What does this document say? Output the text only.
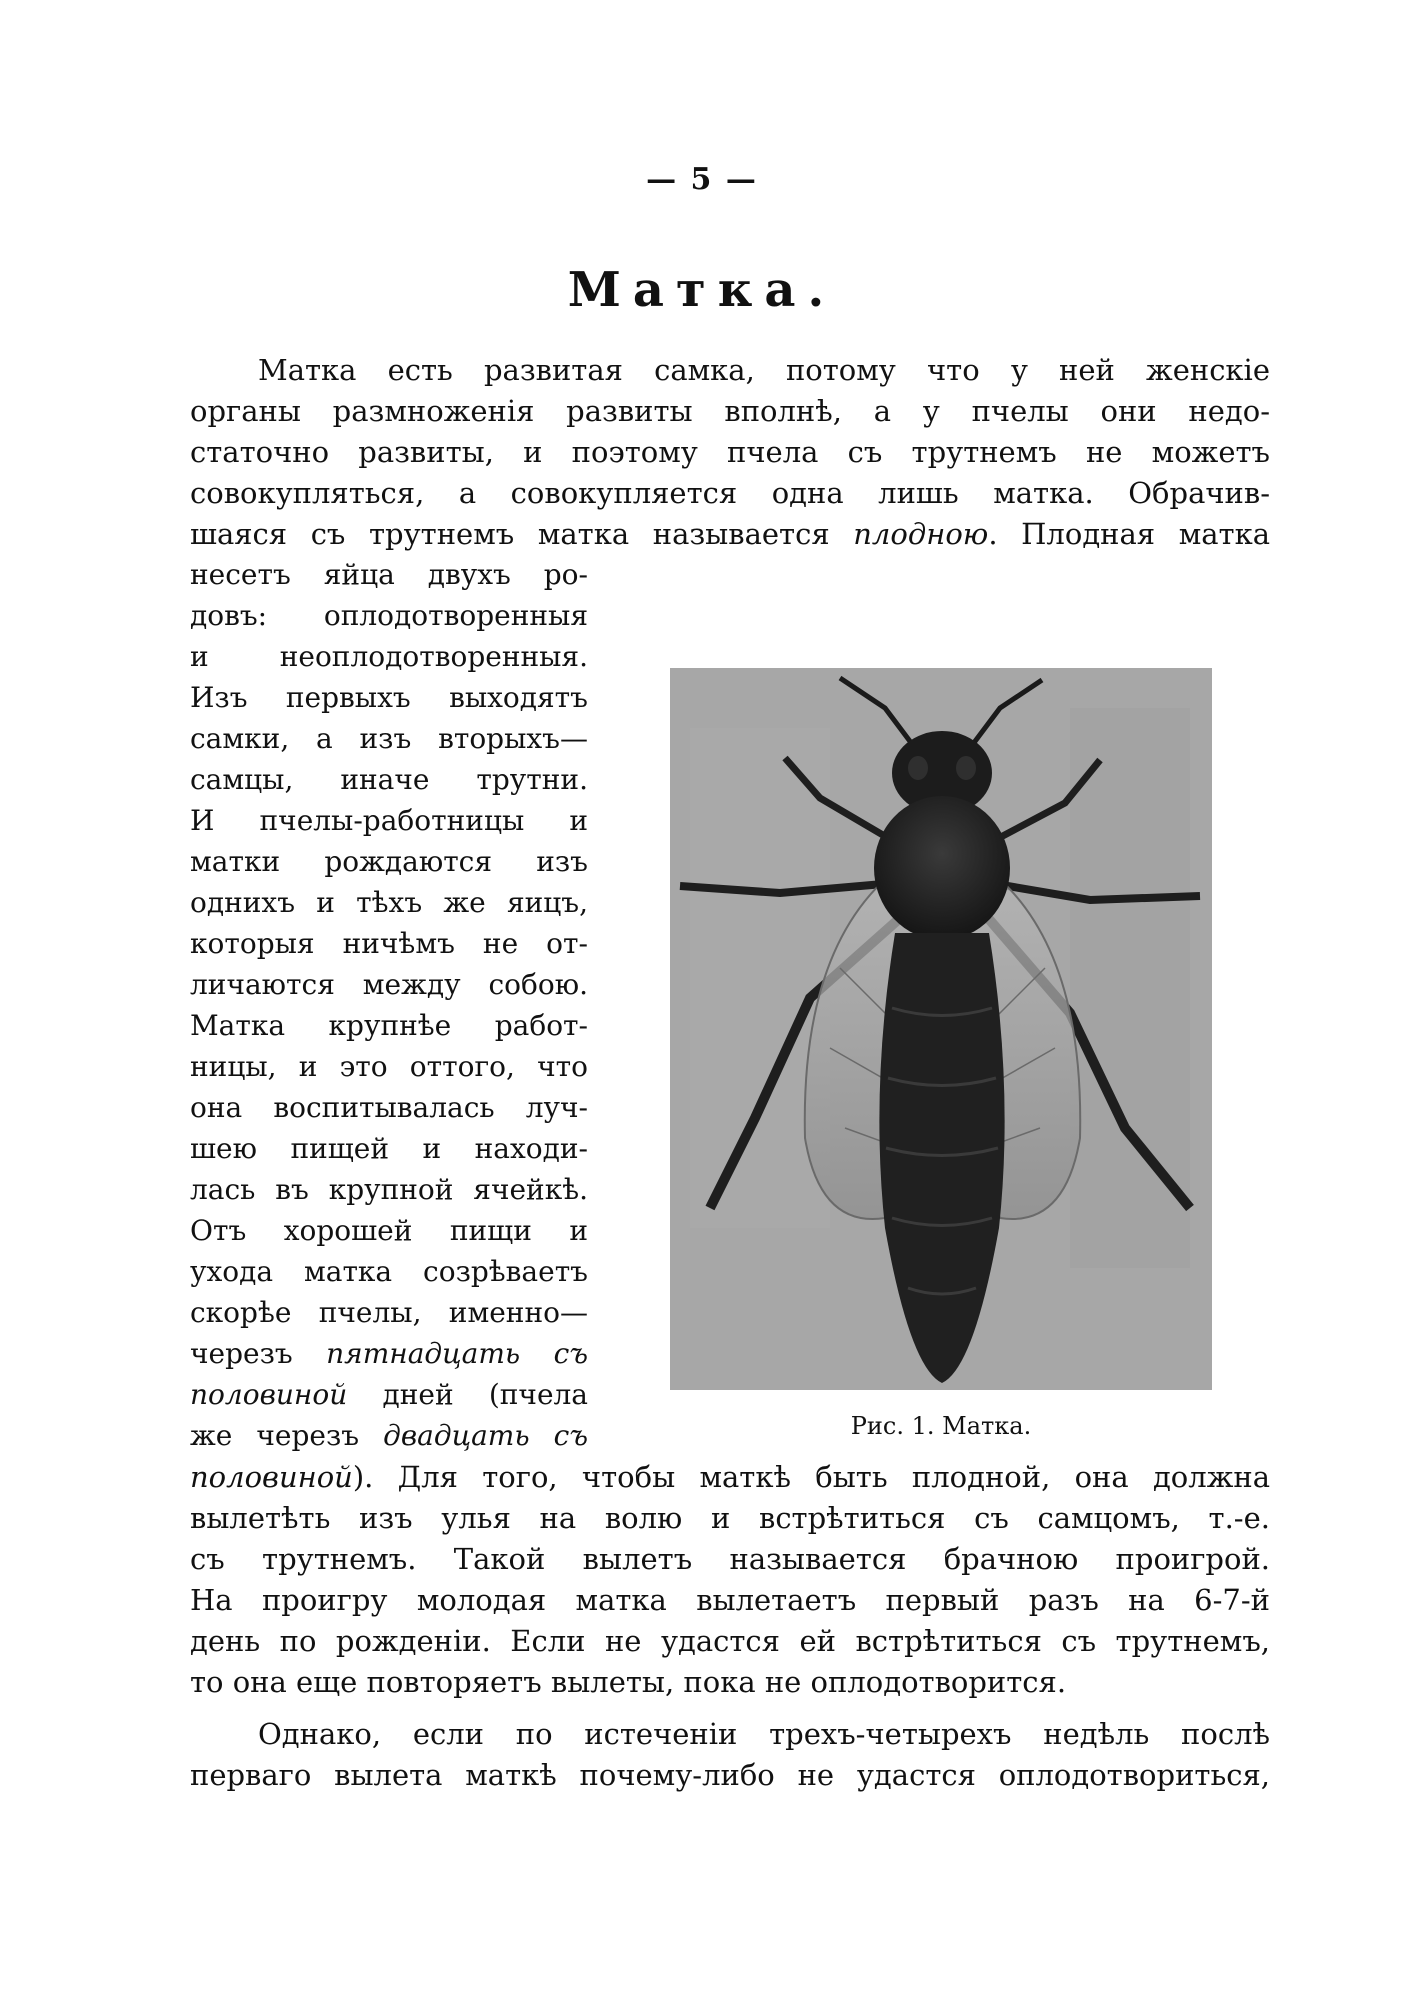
— 5 —
Матка.
Матка есть развитая самка, потому что у ней женскіе
органы размноженія развиты вполнѣ, а у пчелы они недо-
статочно развиты, и поэтому пчела съ трутнемъ не можетъ
совокупляться, а совокупляется одна лишь матка. Обрачив-
шаяся съ трутнемъ матка называется плодною. Плодная матка
несетъ яйца двухъ ро-
довъ: оплодотворенныя
и неоплодотворенныя.
Изъ первыхъ выходятъ
самки, а изъ вторыхъ—
самцы, иначе трутни.
И пчелы-работницы и
матки рождаются изъ
однихъ и тѣхъ же яицъ,
которыя ничѣмъ не от-
личаются между собою.
Матка крупнѣе работ-
ницы, и это оттого, что
она воспитывалась луч-
шею пищей и находи-
лась въ крупной ячейкѣ.
Отъ хорошей пищи и
ухода матка созрѣваетъ
скорѣе пчелы, именно—
черезъ пятнадцать съ
половиной дней (пчела
же черезъ двадцать съ
половиной). Для того, чтобы маткѣ быть плодной, она должна
вылетѣть изъ улья на волю и встрѣтиться съ самцомъ, т.-е.
съ трутнемъ. Такой вылетъ называется брачною проигрой.
На проигру молодая матка вылетаетъ первый разъ на 6-7-й
день по рожденіи. Если не удастся ей встрѣтиться съ трутнемъ,
то она еще повторяетъ вылеты, пока не оплодотворится.
Однако, если по истеченіи трехъ-четырехъ недѣль послѣ
перваго вылета маткѣ почему-либо не удастся оплодотвориться,
Рис. 1. Матка.
